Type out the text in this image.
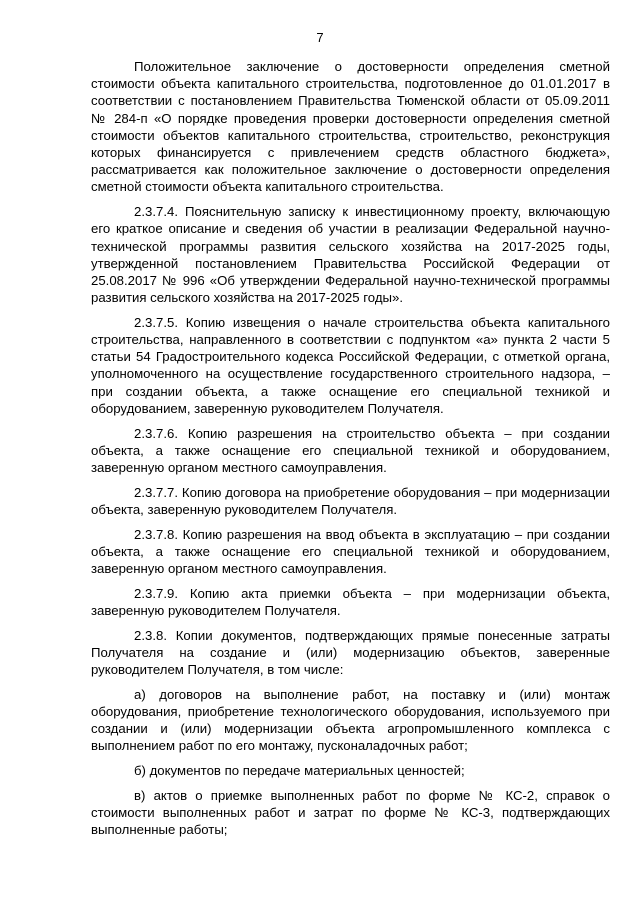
7

Положительное заключение о достоверности определения сметной стоимости объекта капитального строительства, подготовленное до 01.01.2017 в соответствии с постановлением Правительства Тюменской области от 05.09.2011 № 284-п «О порядке проведения проверки достоверности определения сметной стоимости объектов капитального строительства, строительство, реконструкция которых финансируется с привлечением средств областного бюджета», рассматривается как положительное заключение о достоверности определения сметной стоимости объекта капитального строительства.

2.3.7.4. Пояснительную записку к инвестиционному проекту, включающую его краткое описание и сведения об участии в реализации Федеральной научно-технической программы развития сельского хозяйства на 2017-2025 годы, утвержденной постановлением Правительства Российской Федерации от 25.08.2017 № 996 «Об утверждении Федеральной научно-технической программы развития сельского хозяйства на 2017-2025 годы».

2.3.7.5. Копию извещения о начале строительства объекта капитального строительства, направленного в соответствии с подпунктом «а» пункта 2 части 5 статьи 54 Градостроительного кодекса Российской Федерации, с отметкой органа, уполномоченного на осуществление государственного строительного надзора, – при создании объекта, а также оснащение его специальной техникой и оборудованием, заверенную руководителем Получателя.

2.3.7.6. Копию разрешения на строительство объекта – при создании объекта, а также оснащение его специальной техникой и оборудованием, заверенную органом местного самоуправления.

2.3.7.7. Копию договора на приобретение оборудования – при модернизации объекта, заверенную руководителем Получателя.

2.3.7.8. Копию разрешения на ввод объекта в эксплуатацию – при создании объекта, а также оснащение его специальной техникой и оборудованием, заверенную органом местного самоуправления.

2.3.7.9. Копию акта приемки объекта – при модернизации объекта, заверенную руководителем Получателя.

2.3.8. Копии документов, подтверждающих прямые понесенные затраты Получателя на создание и (или) модернизацию объектов, заверенные руководителем Получателя, в том числе:

а) договоров на выполнение работ, на поставку и (или) монтаж оборудования, приобретение технологического оборудования, используемого при создании и (или) модернизации объекта агропромышленного комплекса с выполнением работ по его монтажу, пусконаладочных работ;

б) документов по передаче материальных ценностей;

в) актов о приемке выполненных работ по форме № КС-2, справок о стоимости выполненных работ и затрат по форме № КС-3, подтверждающих выполненные работы;
